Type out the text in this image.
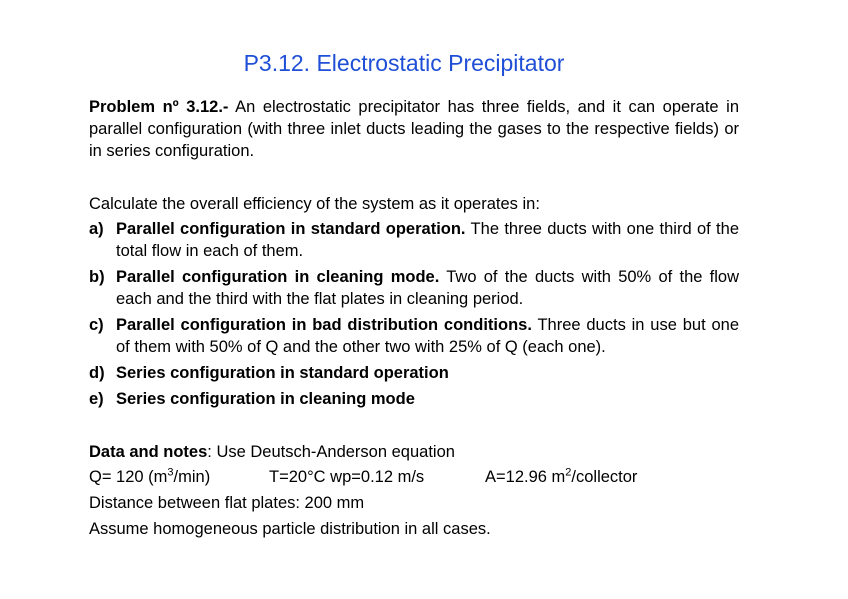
P3.12. Electrostatic Precipitator
Problem nº 3.12.- An electrostatic precipitator has three fields, and it can operate in parallel configuration (with three inlet ducts leading the gases to the respective fields) or in series configuration.
Calculate the overall efficiency of the system as it operates in:
a) Parallel configuration in standard operation. The three ducts with one third of the total flow in each of them.
b) Parallel configuration in cleaning mode. Two of the ducts with 50% of the flow each and the third with the flat plates in cleaning period.
c) Parallel configuration in bad distribution conditions. Three ducts in use but one of them with 50% of Q and the other two with 25% of Q (each one).
d) Series configuration in standard operation
e) Series configuration in cleaning mode
Data and notes: Use Deutsch-Anderson equation
Q= 120 $(m^3/\min)$	T=20°C wp=0.12 m/s	A=12.96 $m^2$/collector
Distance between flat plates: 200 mm
Assume homogeneous particle distribution in all cases.
